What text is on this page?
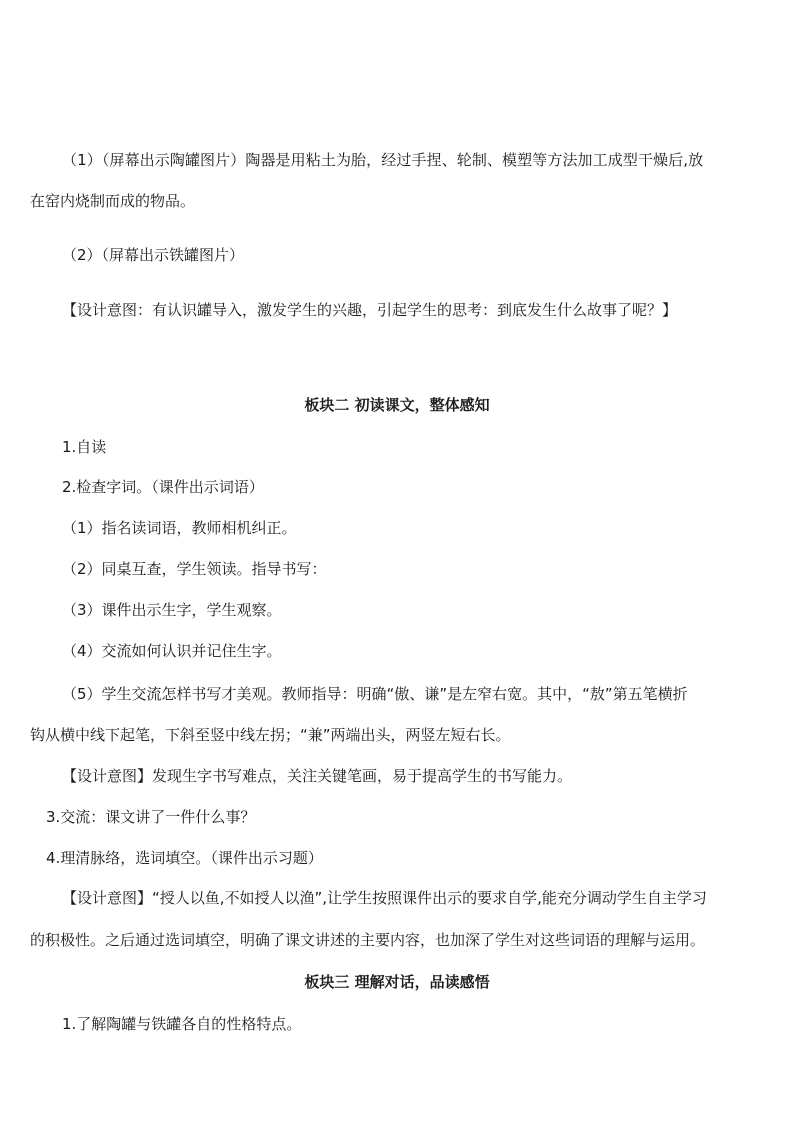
（1）（屏幕出示陶罐图片）陶器是用粘土为胎，经过手捏、轮制、模塑等方法加工成型干燥后,放
在窑内烧制而成的物品。
（2）（屏幕出示铁罐图片）
【设计意图：有认识罐导入，激发学生的兴趣，引起学生的思考：到底发生什么故事了呢？】
板块二 初读课文，整体感知
1.自读
2.检查字词。（课件出示词语）
（1）指名读词语，教师相机纠正。
（2）同桌互查，学生领读。指导书写：
（3）课件出示生字，学生观察。
（4）交流如何认识并记住生字。
（5）学生交流怎样书写才美观。教师指导：明确“傲、谦”是左窄右宽。其中，“敖”第五笔横折
钩从横中线下起笔，下斜至竖中线左拐；“兼”两端出头，两竖左短右长。
【设计意图】发现生字书写难点，关注关键笔画，易于提高学生的书写能力。
3.交流：课文讲了一件什么事？
4.理清脉络，选词填空。（课件出示习题）
【设计意图】“授人以鱼,不如授人以渔”,让学生按照课件出示的要求自学,能充分调动学生自主学习
的积极性。之后通过选词填空，明确了课文讲述的主要内容，也加深了学生对这些词语的理解与运用。
板块三 理解对话，品读感悟
1.了解陶罐与铁罐各自的性格特点。
